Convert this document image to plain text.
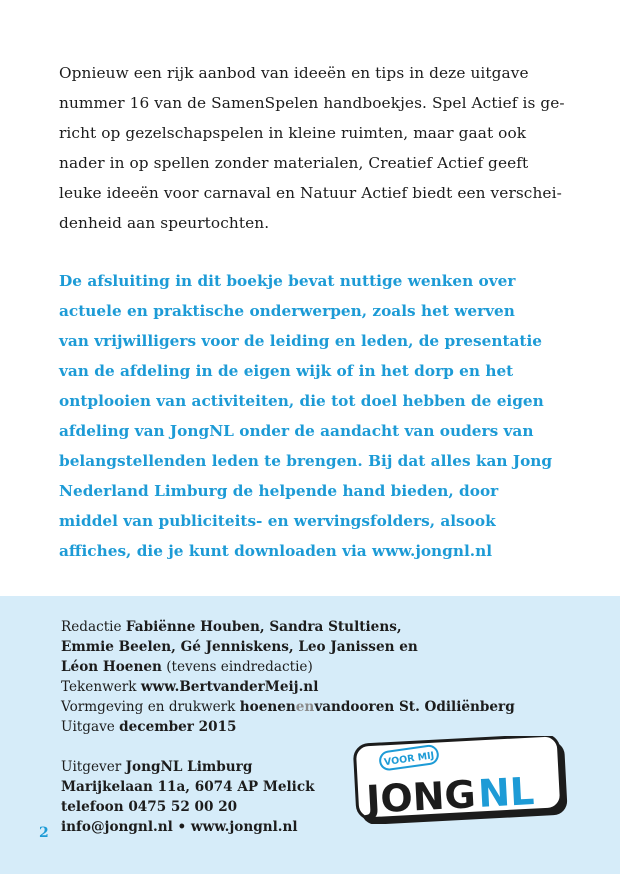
Opnieuw een rijk aanbod van ideeën en tips in deze uitgave
nummer 16 van de SamenSpelen handboekjes. Spel Actief is ge-
richt op gezelschapspelen in kleine ruimten, maar gaat ook
nader in op spellen zonder materialen, Creatief Actief geeft
leuke ideeën voor carnaval en Natuur Actief biedt een verschei-
denheid aan speurtochten.
De afsluiting in dit boekje bevat nuttige wenken over
actuele en praktische onderwerpen, zoals het werven
van vrijwilligers voor de leiding en leden, de presentatie
van de afdeling in de eigen wijk of in het dorp en het
ontplooien van activiteiten, die tot doel hebben de eigen
afdeling van JongNL onder de aandacht van ouders van
belangstellenden leden te brengen. Bij dat alles kan Jong
Nederland Limburg de helpende hand bieden, door
middel van publiciteits- en wervingsfolders, alsook
affiches, die je kunt downloaden via www.jongnl.nl
Redactie Fabiënne Houben, Sandra Stultiens,
Emmie Beelen, Gé Jenniskens, Leo Janissen en
Léon Hoenen (tevens eindredactie)
Tekenwerk www.BertvanderMeij.nl
Vormgeving en drukwerk hoenenenvandooren St. Odiliënberg
Uitgave december 2015
Uitgever JongNL Limburg
Marijkelaan 11a, 6074 AP Melick
telefoon 0475 52 00 20
info@jongnl.nl • www.jongnl.nl
2
VOOR MIJ
JONG NL
